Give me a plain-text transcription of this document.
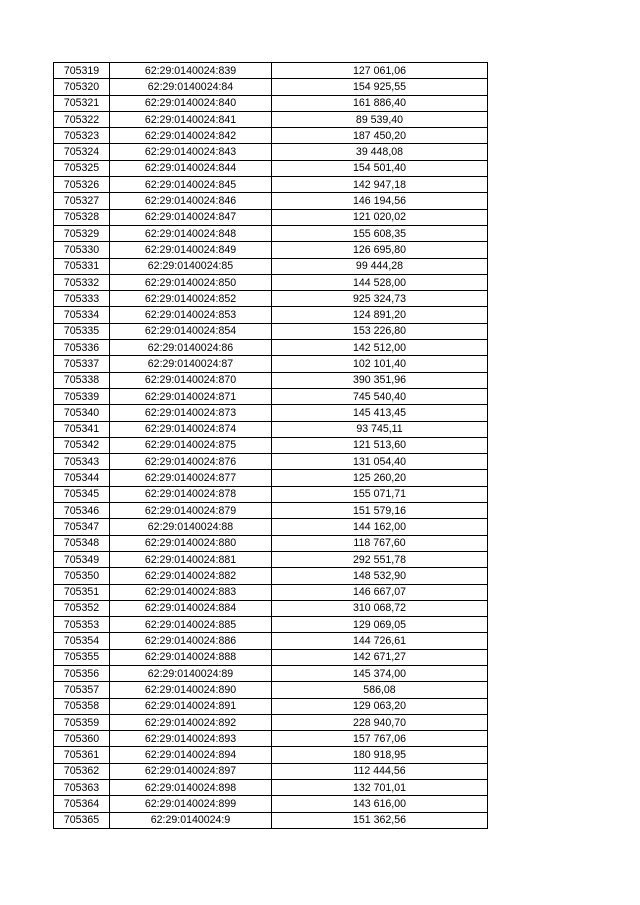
705319	62:29:0140024:839	127 061,06
705320	62:29:0140024:84	154 925,55
705321	62:29:0140024:840	161 886,40
705322	62:29:0140024:841	89 539,40
705323	62:29:0140024:842	187 450,20
705324	62:29:0140024:843	39 448,08
705325	62:29:0140024:844	154 501,40
705326	62:29:0140024:845	142 947,18
705327	62:29:0140024:846	146 194,56
705328	62:29:0140024:847	121 020,02
705329	62:29:0140024:848	155 608,35
705330	62:29:0140024:849	126 695,80
705331	62:29:0140024:85	99 444,28
705332	62:29:0140024:850	144 528,00
705333	62:29:0140024:852	925 324,73
705334	62:29:0140024:853	124 891,20
705335	62:29:0140024:854	153 226,80
705336	62:29:0140024:86	142 512,00
705337	62:29:0140024:87	102 101,40
705338	62:29:0140024:870	390 351,96
705339	62:29:0140024:871	745 540,40
705340	62:29:0140024:873	145 413,45
705341	62:29:0140024:874	93 745,11
705342	62:29:0140024:875	121 513,60
705343	62:29:0140024:876	131 054,40
705344	62:29:0140024:877	125 260,20
705345	62:29:0140024:878	155 071,71
705346	62:29:0140024:879	151 579,16
705347	62:29:0140024:88	144 162,00
705348	62:29:0140024:880	118 767,60
705349	62:29:0140024:881	292 551,78
705350	62:29:0140024:882	148 532,90
705351	62:29:0140024:883	146 667,07
705352	62:29:0140024:884	310 068,72
705353	62:29:0140024:885	129 069,05
705354	62:29:0140024:886	144 726,61
705355	62:29:0140024:888	142 671,27
705356	62:29:0140024:89	145 374,00
705357	62:29:0140024:890	586,08
705358	62:29:0140024:891	129 063,20
705359	62:29:0140024:892	228 940,70
705360	62:29:0140024:893	157 767,06
705361	62:29:0140024:894	180 918,95
705362	62:29:0140024:897	112 444,56
705363	62:29:0140024:898	132 701,01
705364	62:29:0140024:899	143 616,00
705365	62:29:0140024:9	151 362,56
